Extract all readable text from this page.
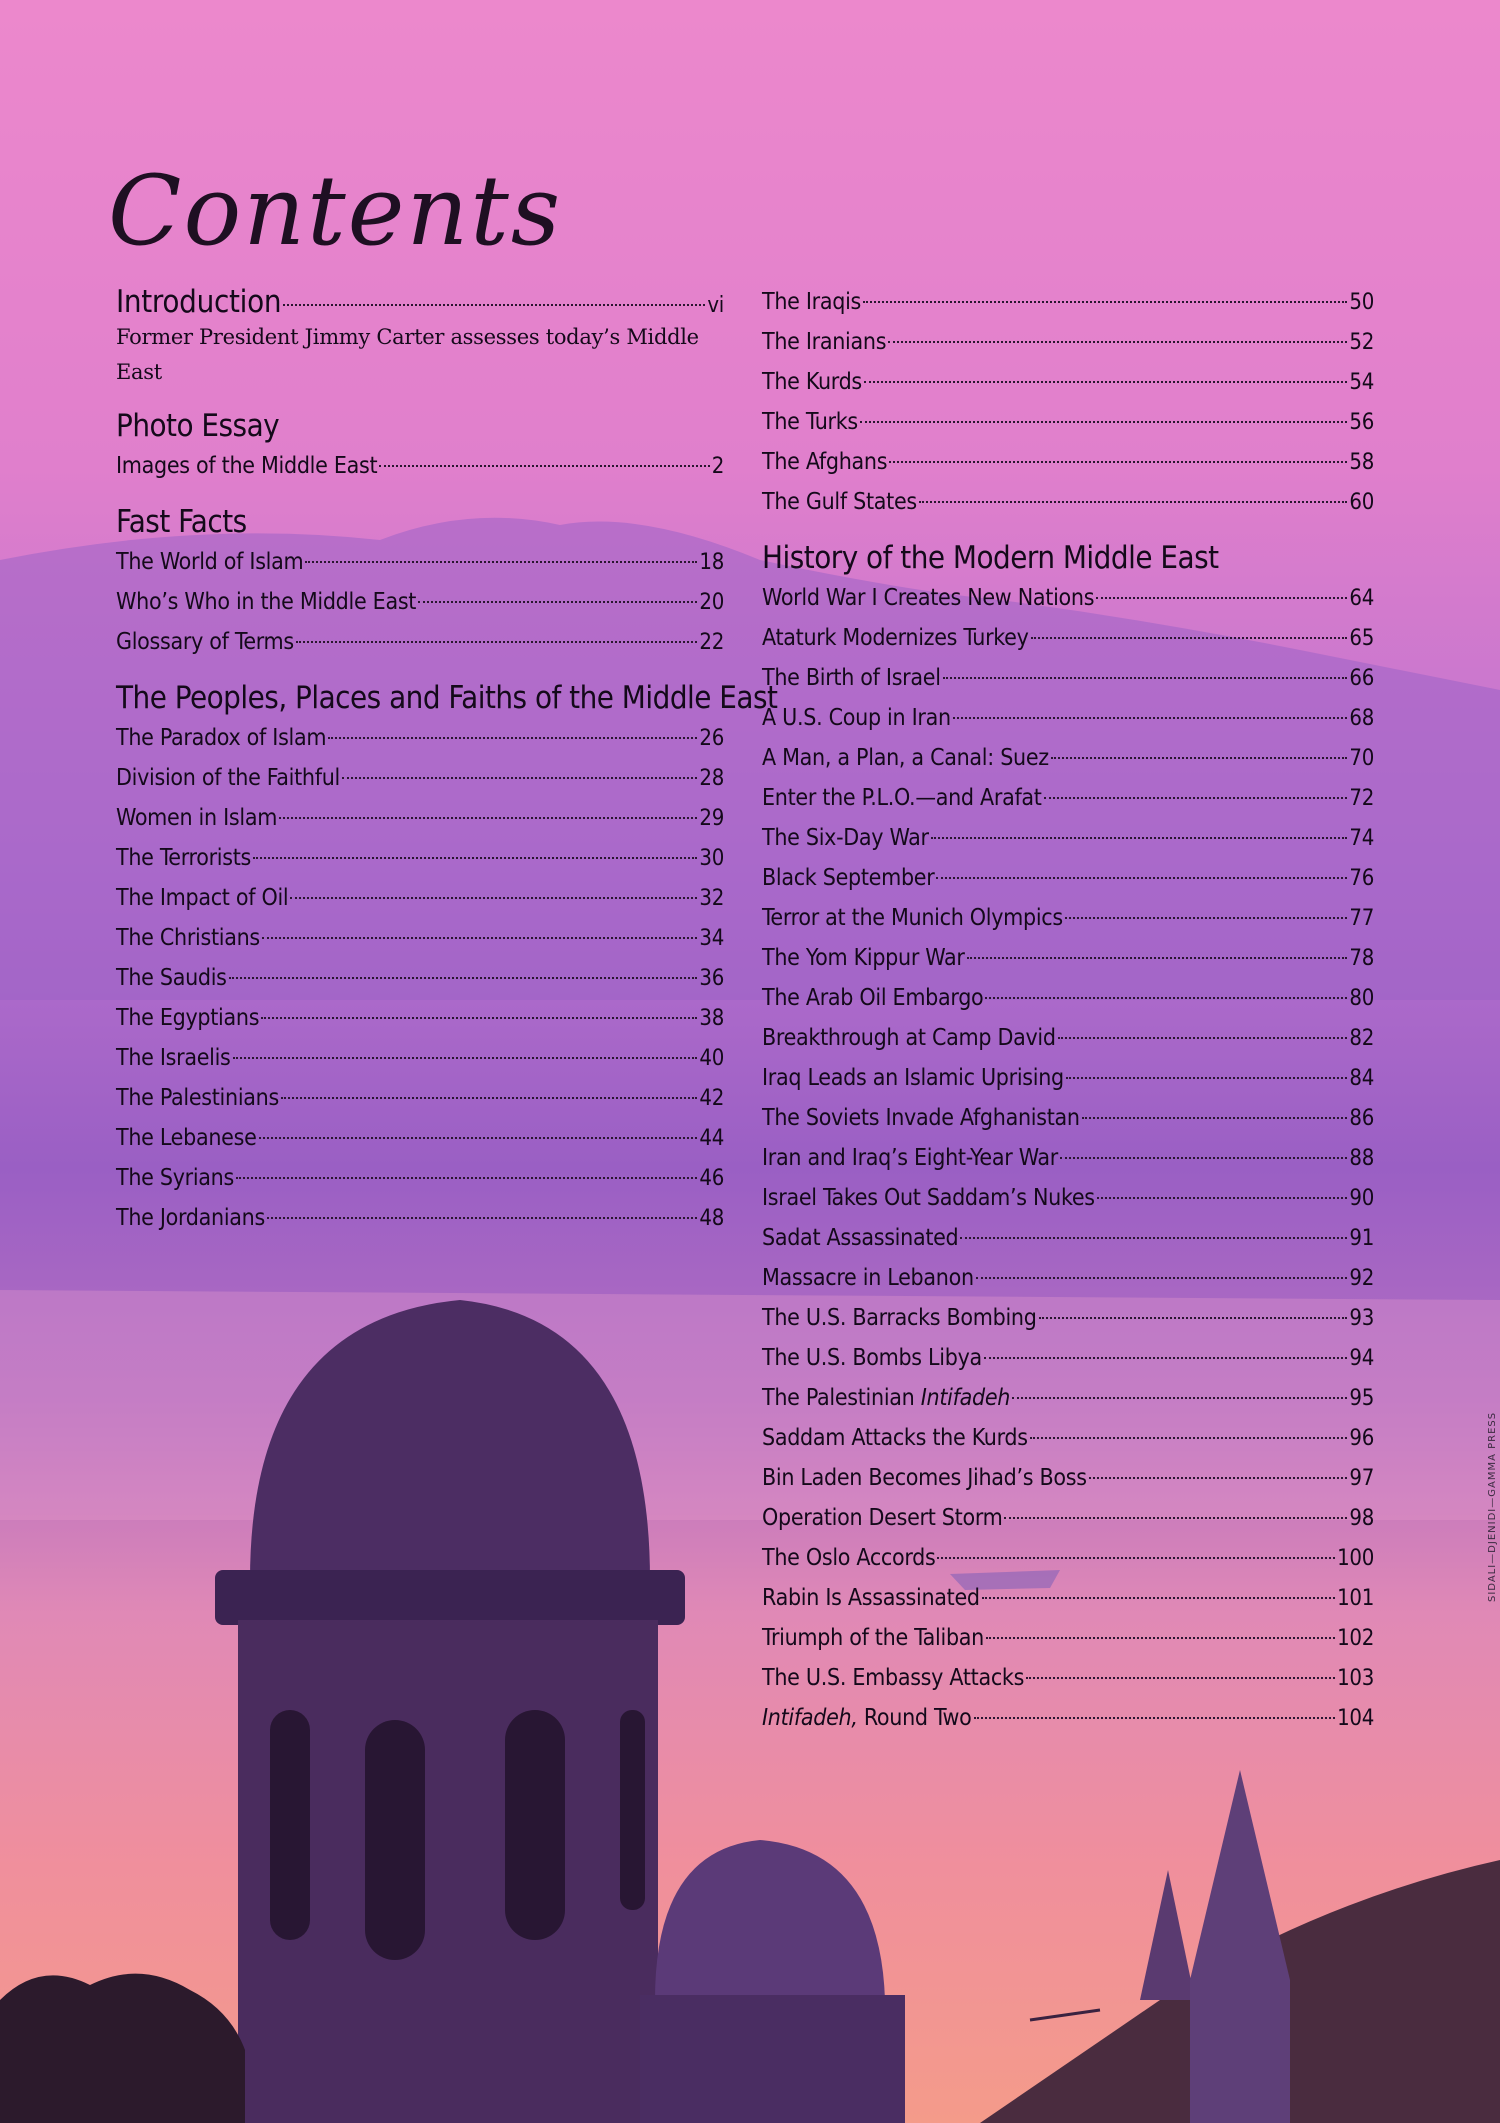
Contents
Introduction	vi
Former President Jimmy Carter assesses today’s Middle East
Photo Essay
Images of the Middle East	2
Fast Facts
The World of Islam	18
Who’s Who in the Middle East	20
Glossary of Terms	22
The Peoples, Places and Faiths of the Middle East
The Paradox of Islam	26
Division of the Faithful	28
Women in Islam	29
The Terrorists	30
The Impact of Oil	32
The Christians	34
The Saudis	36
The Egyptians	38
The Israelis	40
The Palestinians	42
The Lebanese	44
The Syrians	46
The Jordanians	48
The Iraqis	50
The Iranians	52
The Kurds	54
The Turks	56
The Afghans	58
The Gulf States	60
History of the Modern Middle East
World War I Creates New Nations	64
Ataturk Modernizes Turkey	65
The Birth of Israel	66
A U.S. Coup in Iran	68
A Man, a Plan, a Canal: Suez	70
Enter the P.L.O.—and Arafat	72
The Six-Day War	74
Black September	76
Terror at the Munich Olympics	77
The Yom Kippur War	78
The Arab Oil Embargo	80
Breakthrough at Camp David	82
Iraq Leads an Islamic Uprising	84
The Soviets Invade Afghanistan	86
Iran and Iraq’s Eight-Year War	88
Israel Takes Out Saddam’s Nukes	90
Sadat Assassinated	91
Massacre in Lebanon	92
The U.S. Barracks Bombing	93
The U.S. Bombs Libya	94
The Palestinian Intifadeh	95
Saddam Attacks the Kurds	96
Bin Laden Becomes Jihad’s Boss	97
Operation Desert Storm	98
The Oslo Accords	100
Rabin Is Assassinated	101
Triumph of the Taliban	102
The U.S. Embassy Attacks	103
Intifadeh, Round Two	104
SIDALI—DJENIDI—GAMMA PRESS
